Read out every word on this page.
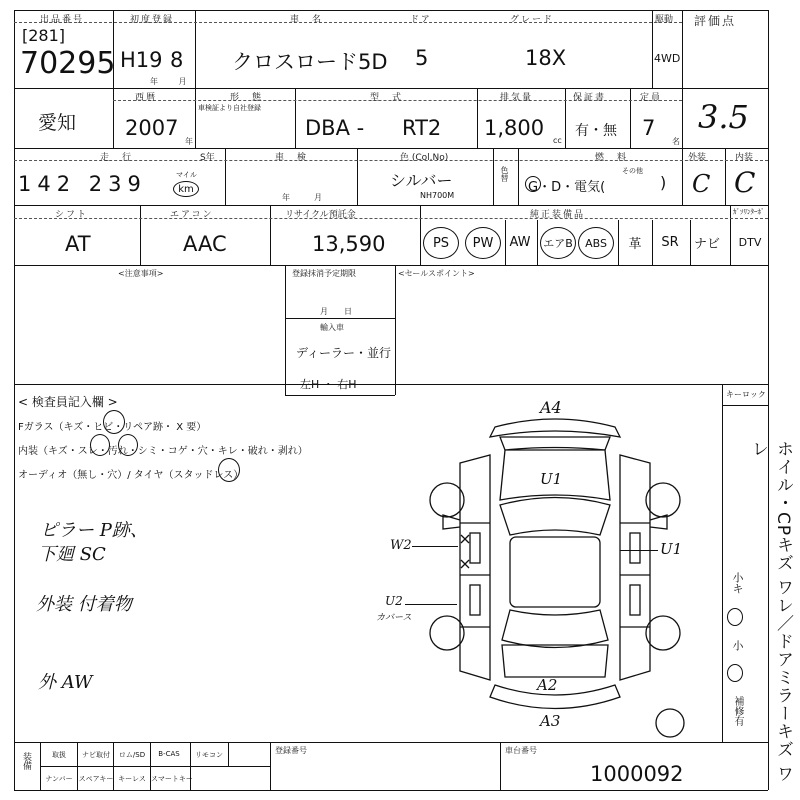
出品番号
[281]
70295
初度登録
H19 8
年 月
車　名
クロスロード5D
ドア
5
グレード
18X
駆動
4WD
評価点
3.5
愛知
西暦
2007
年
形　態
車検証より自社登録
型　式
DBA - RT2
排気量
1,800
cc
保証書
有・無
定員
7
名
走　行
142 239	マイル
km
S年	車　検
年　　　月
色 (Col.No)
シルバー
NH700M
色替
燃　料
G・D・電気(
その他
)
外装
C
内装
C
シフト
AT
エアコン
AAC
リサイクル預託金
13,590
純正装備品	ｶﾞｿﾘﾝﾀｰﾎﾞ
PS	PW	AW	エアB	ABS	革	SR	ナビ	DTV
<注意事項>	登録抹消予定期限
月　　日
輸入車
ディーラー・並行
左H ・ 右H
<セールスポイント>
< 検査員記入欄 >
Fガラス（キズ・ヒビ・リペア跡・ X 要）
内装（キズ・スレ・汚れ・シミ・コゲ・穴・キレ・破れ・剥れ）
オーディオ（無し・穴）/ タイヤ（スタッドレス）
ピラー P跡、
下廻 SC
外装 付着物
外 AW
A4
U1
W2	U1
U2
カバース
A2
A3
キーロック
ホイル・CPキズ ワレ／ドアミラーキズ ワレ
小キ
小
補修有
装備	取扱	ナビ取付	ロム/SD	B-CAS	リモコン
ナンバー スペアキー キーレス スマートキー
登録番号	車台番号
1000092
